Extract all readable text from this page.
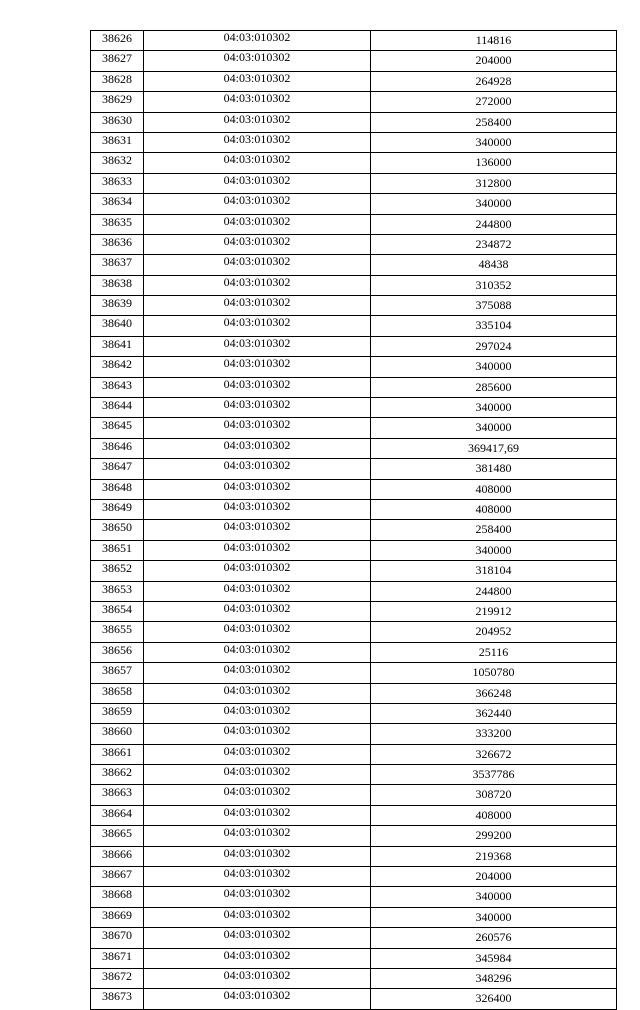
38626	04:03:010302	114816
38627	04:03:010302	204000
38628	04:03:010302	264928
38629	04:03:010302	272000
38630	04:03:010302	258400
38631	04:03:010302	340000
38632	04:03:010302	136000
38633	04:03:010302	312800
38634	04:03:010302	340000
38635	04:03:010302	244800
38636	04:03:010302	234872
38637	04:03:010302	48438
38638	04:03:010302	310352
38639	04:03:010302	375088
38640	04:03:010302	335104
38641	04:03:010302	297024
38642	04:03:010302	340000
38643	04:03:010302	285600
38644	04:03:010302	340000
38645	04:03:010302	340000
38646	04:03:010302	369417,69
38647	04:03:010302	381480
38648	04:03:010302	408000
38649	04:03:010302	408000
38650	04:03:010302	258400
38651	04:03:010302	340000
38652	04:03:010302	318104
38653	04:03:010302	244800
38654	04:03:010302	219912
38655	04:03:010302	204952
38656	04:03:010302	25116
38657	04:03:010302	1050780
38658	04:03:010302	366248
38659	04:03:010302	362440
38660	04:03:010302	333200
38661	04:03:010302	326672
38662	04:03:010302	3537786
38663	04:03:010302	308720
38664	04:03:010302	408000
38665	04:03:010302	299200
38666	04:03:010302	219368
38667	04:03:010302	204000
38668	04:03:010302	340000
38669	04:03:010302	340000
38670	04:03:010302	260576
38671	04:03:010302	345984
38672	04:03:010302	348296
38673	04:03:010302	326400
